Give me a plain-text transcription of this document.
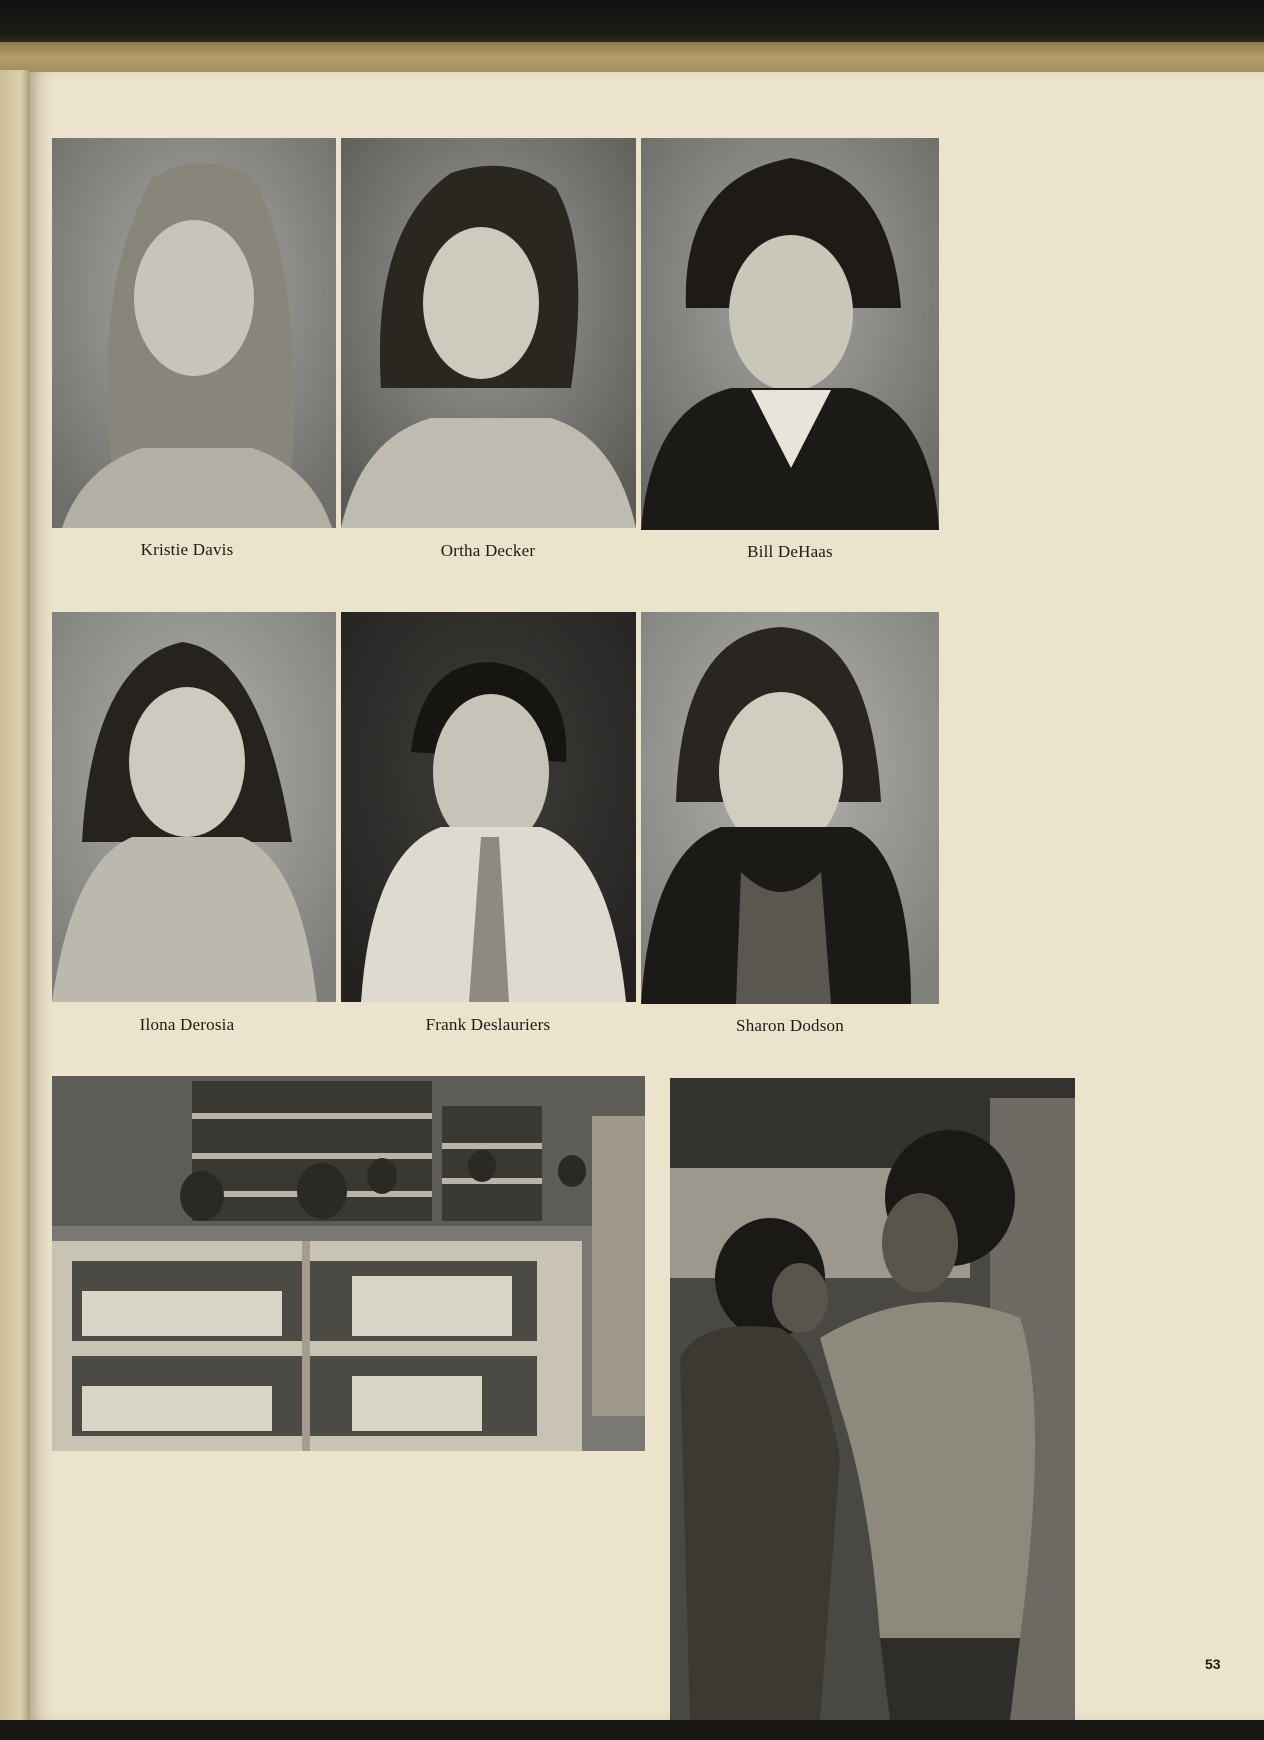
Kristie Davis	Ortha Decker	Bill DeHaas
Ilona Derosia	Frank Deslauriers	Sharon Dodson
53
